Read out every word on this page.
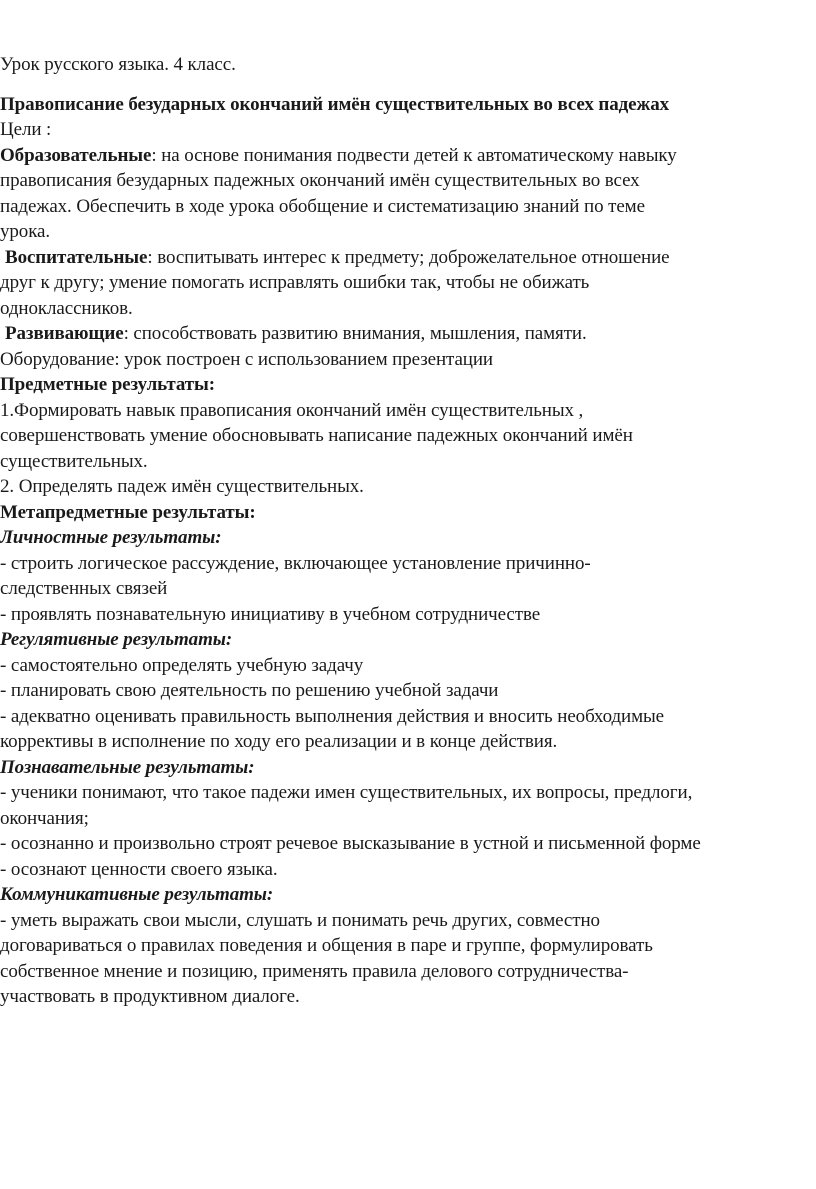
Урок русского языка. 4 класс.
Правописание безударных окончаний имён существительных во всех падежах
Цели :
Образовательные: на основе понимания подвести детей к автоматическому навыку
правописания безударных падежных окончаний имён существительных во всех
падежах. Обеспечить в ходе урока обобщение и систематизацию знаний по теме
урока.
Воспитательные: воспитывать интерес к предмету; доброжелательное отношение
друг к другу; умение помогать исправлять ошибки так, чтобы не обижать
одноклассников.
Развивающие: способствовать развитию внимания, мышления, памяти.
Оборудование: урок построен с использованием презентации
Предметные результаты:
1.Формировать навык правописания окончаний имён существительных ,
совершенствовать умение обосновывать написание падежных окончаний имён
существительных.
2. Определять падеж имён существительных.
Метапредметные результаты:
Личностные результаты:
- строить логическое рассуждение, включающее установление причинно-
следственных связей
- проявлять познавательную инициативу в учебном сотрудничестве
Регулятивные результаты:
- самостоятельно определять учебную задачу
- планировать свою деятельность по решению учебной задачи
- адекватно оценивать правильность выполнения действия и вносить необходимые
коррективы в исполнение по ходу его реализации и в конце действия.
Познавательные результаты:
- ученики понимают, что такое падежи имен существительных, их вопросы, предлоги,
окончания;
- осознанно и произвольно строят речевое высказывание в устной и письменной форме
- осознают ценности своего языка.
Коммуникативные результаты:
- уметь выражать свои мысли, слушать и понимать речь других, совместно
договариваться о правилах поведения и общения в паре и группе, формулировать
собственное мнение и позицию, применять правила делового сотрудничества-
участвовать в продуктивном диалоге.
